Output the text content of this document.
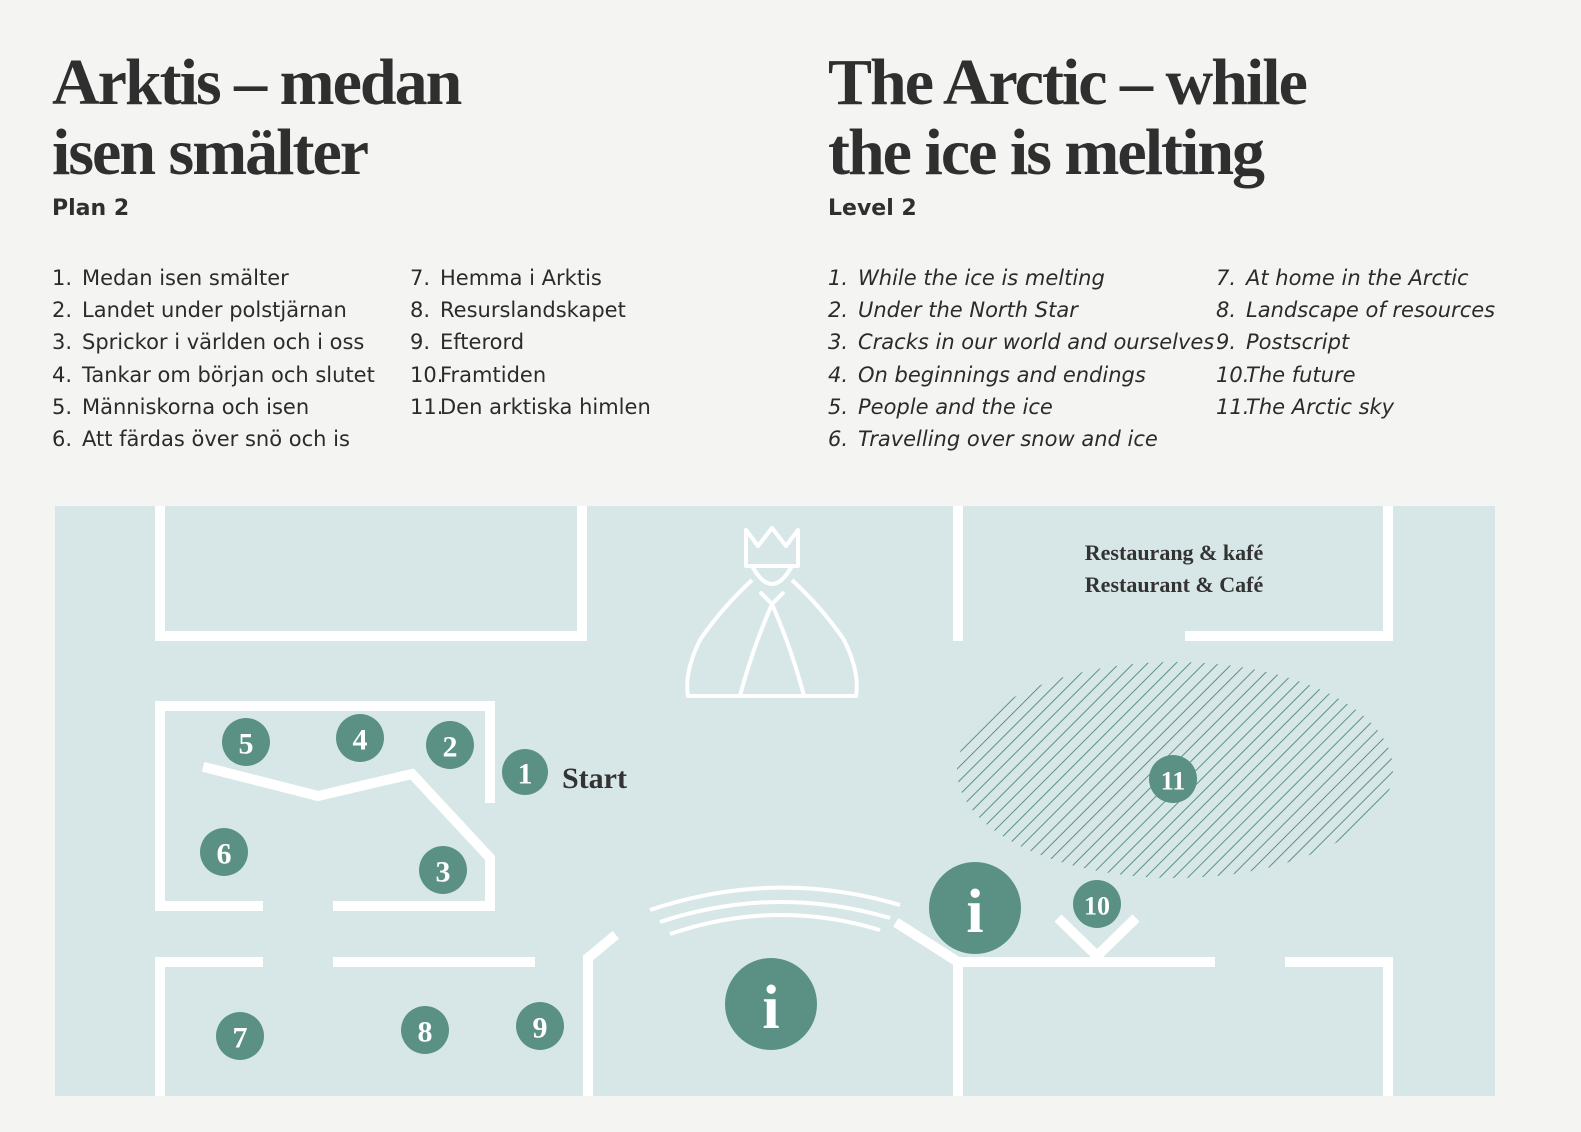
Arktis – medan
isen smälter
Plan 2
The Arctic – while
the ice is melting
Level 2
1. Medan isen smälter
2. Landet under polstjärnan
3. Sprickor i världen och i oss
4. Tankar om början och slutet
5. Människorna och isen
6. Att färdas över snö och is
7. Hemma i Arktis
8. Resurslandskapet
9. Efterord
10.Framtiden
11.Den arktiska himlen
1. While the ice is melting
2. Under the North Star
3. Cracks in our world and ourselves
4. On beginnings and endings
5. People and the ice
6. Travelling over snow and ice
7. At home in the Arctic
8. Landscape of resources
9. Postscript
10.The future
11.The Arctic sky
Restaurang & kafé
Restaurant & Café
Start
1
2
3
4
5
6
7	8	9
10
11
i
i
